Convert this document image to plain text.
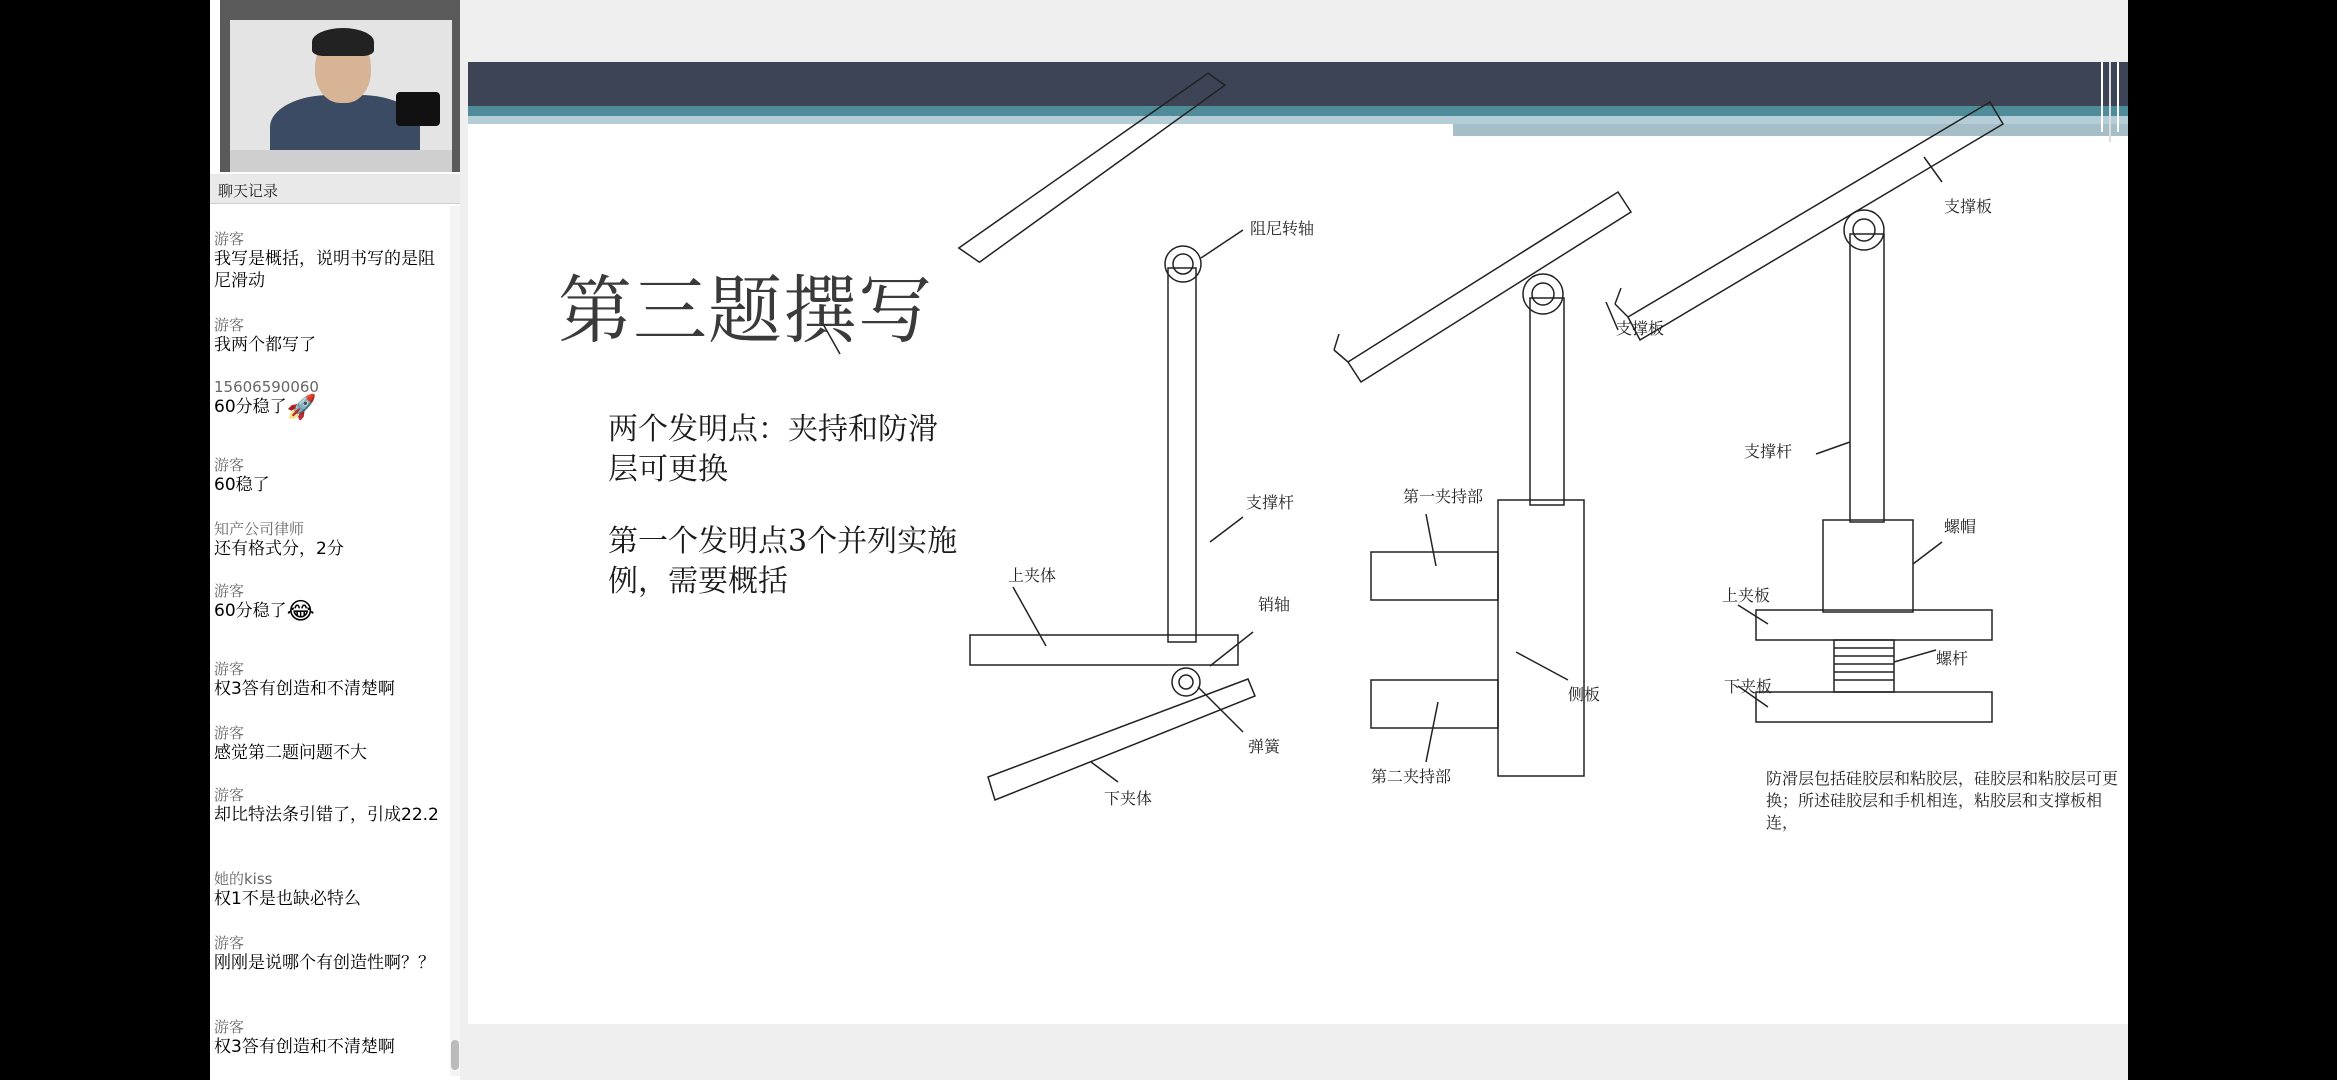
聊天记录
游客
我写是概括，说明书写的是阻尼滑动
游客
我两个都写了
15606590060
60分稳了🚀
游客
60稳了
知产公司律师
还有格式分，2分
游客
60分稳了😂
游客
权3答有创造和不清楚啊
游客
感觉第二题问题不大
游客
却比特法条引错了，引成22.2
她的kiss
权1不是也缺必特么
游客
刚刚是说哪个有创造性啊？？
游客
权3答有创造和不清楚啊
第三题撰写
两个发明点：夹持和防滑层可更换
第一个发明点3个并列实施例，需要概括
阻尼转轴
支撑杆
上夹体
销轴
弹簧
下夹体
支撑板
第一夹持部
侧板
第二夹持部
支撑板
支撑杆
螺帽
上夹板
螺杆
下夹板
防滑层包括硅胶层和粘胶层，硅胶层和粘胶层可更换；所述硅胶层和手机相连，粘胶层和支撑板相连，
